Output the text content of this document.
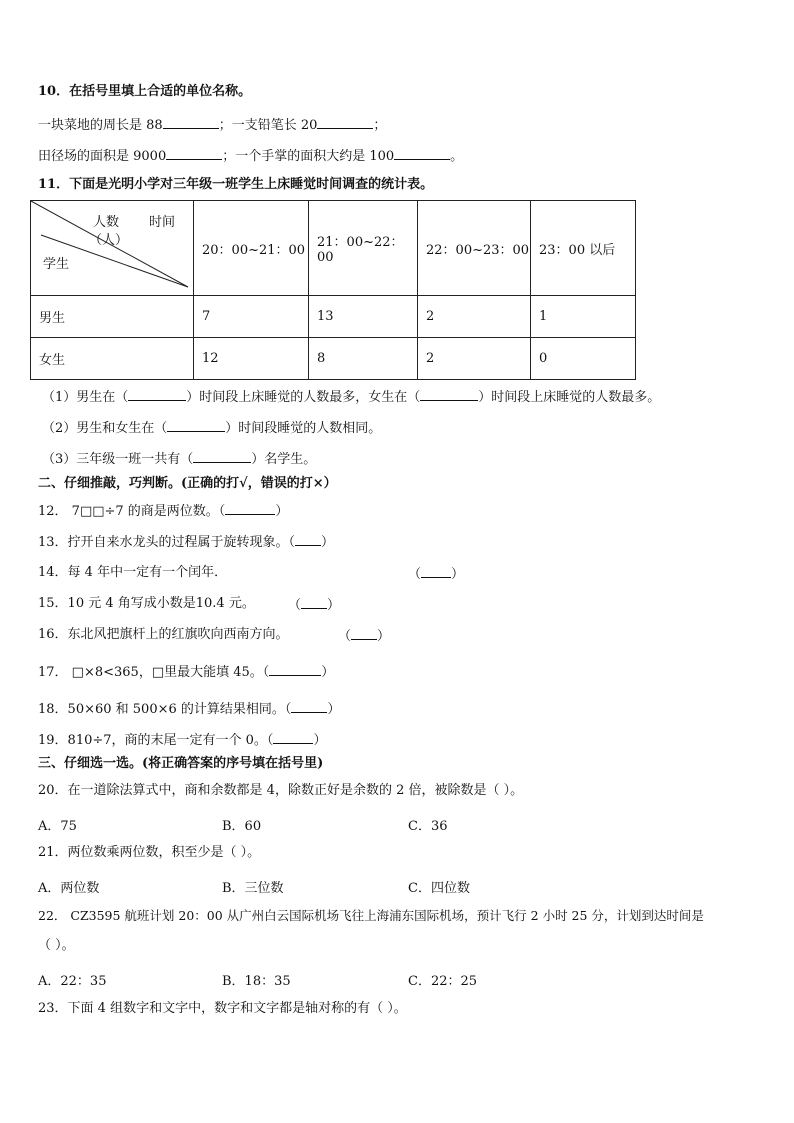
10．在括号里填上合适的单位名称。
一块菜地的周长是 88	；一支铅笔长 20	；
田径场的面积是 9000	；一个手掌的面积大约是 100	。
11．下面是光明小学对三年级一班学生上床睡觉时间调查的统计表。
人数
（人）
时间
学生	20：00~21：00	21：00~22：00	22：00~23：00	23：00 以后
男生	7	13	2	1
女生	12	8	2	0
（1）男生在（	）时间段上床睡觉的人数最多，女生在（	）时间段上床睡觉的人数最多。
（2）男生和女生在（	）时间段睡觉的人数相同。
（3）三年级一班一共有（	）名学生。
二、仔细推敲，巧判断。(正确的打√，错误的打×）
12． 7□□÷7 的商是两位数。（	）
13．拧开自来水龙头的过程属于旋转现象。（ ）
14．每 4 年中一定有一个闰年．	（ ）
15．10 元 4 角写成小数是10.4 元。	（ ）
16．东北风把旗杆上的红旗吹向西南方向。	（ ）
17． □×8<365，□里最大能填 45。（	）
18．50×60 和 500×6 的计算结果相同。（	）
19．810÷7，商的末尾一定有一个 0。（	）
三、仔细选一选。(将正确答案的序号填在括号里)
20．在一道除法算式中，商和余数都是 4，除数正好是余数的 2 倍，被除数是（ ）。
A．75	B．60	C．36
21．两位数乘两位数，积至少是（ ）。
A．两位数	B．三位数	C．四位数
22． CZ3595 航班计划 20：00 从广州白云国际机场飞往上海浦东国际机场，预计飞行 2 小时 25 分，计划到达时间是
（ ）。
A．22：35	B．18：35	C．22：25
23．下面 4 组数字和文字中，数字和文字都是轴对称的有（ ）。
